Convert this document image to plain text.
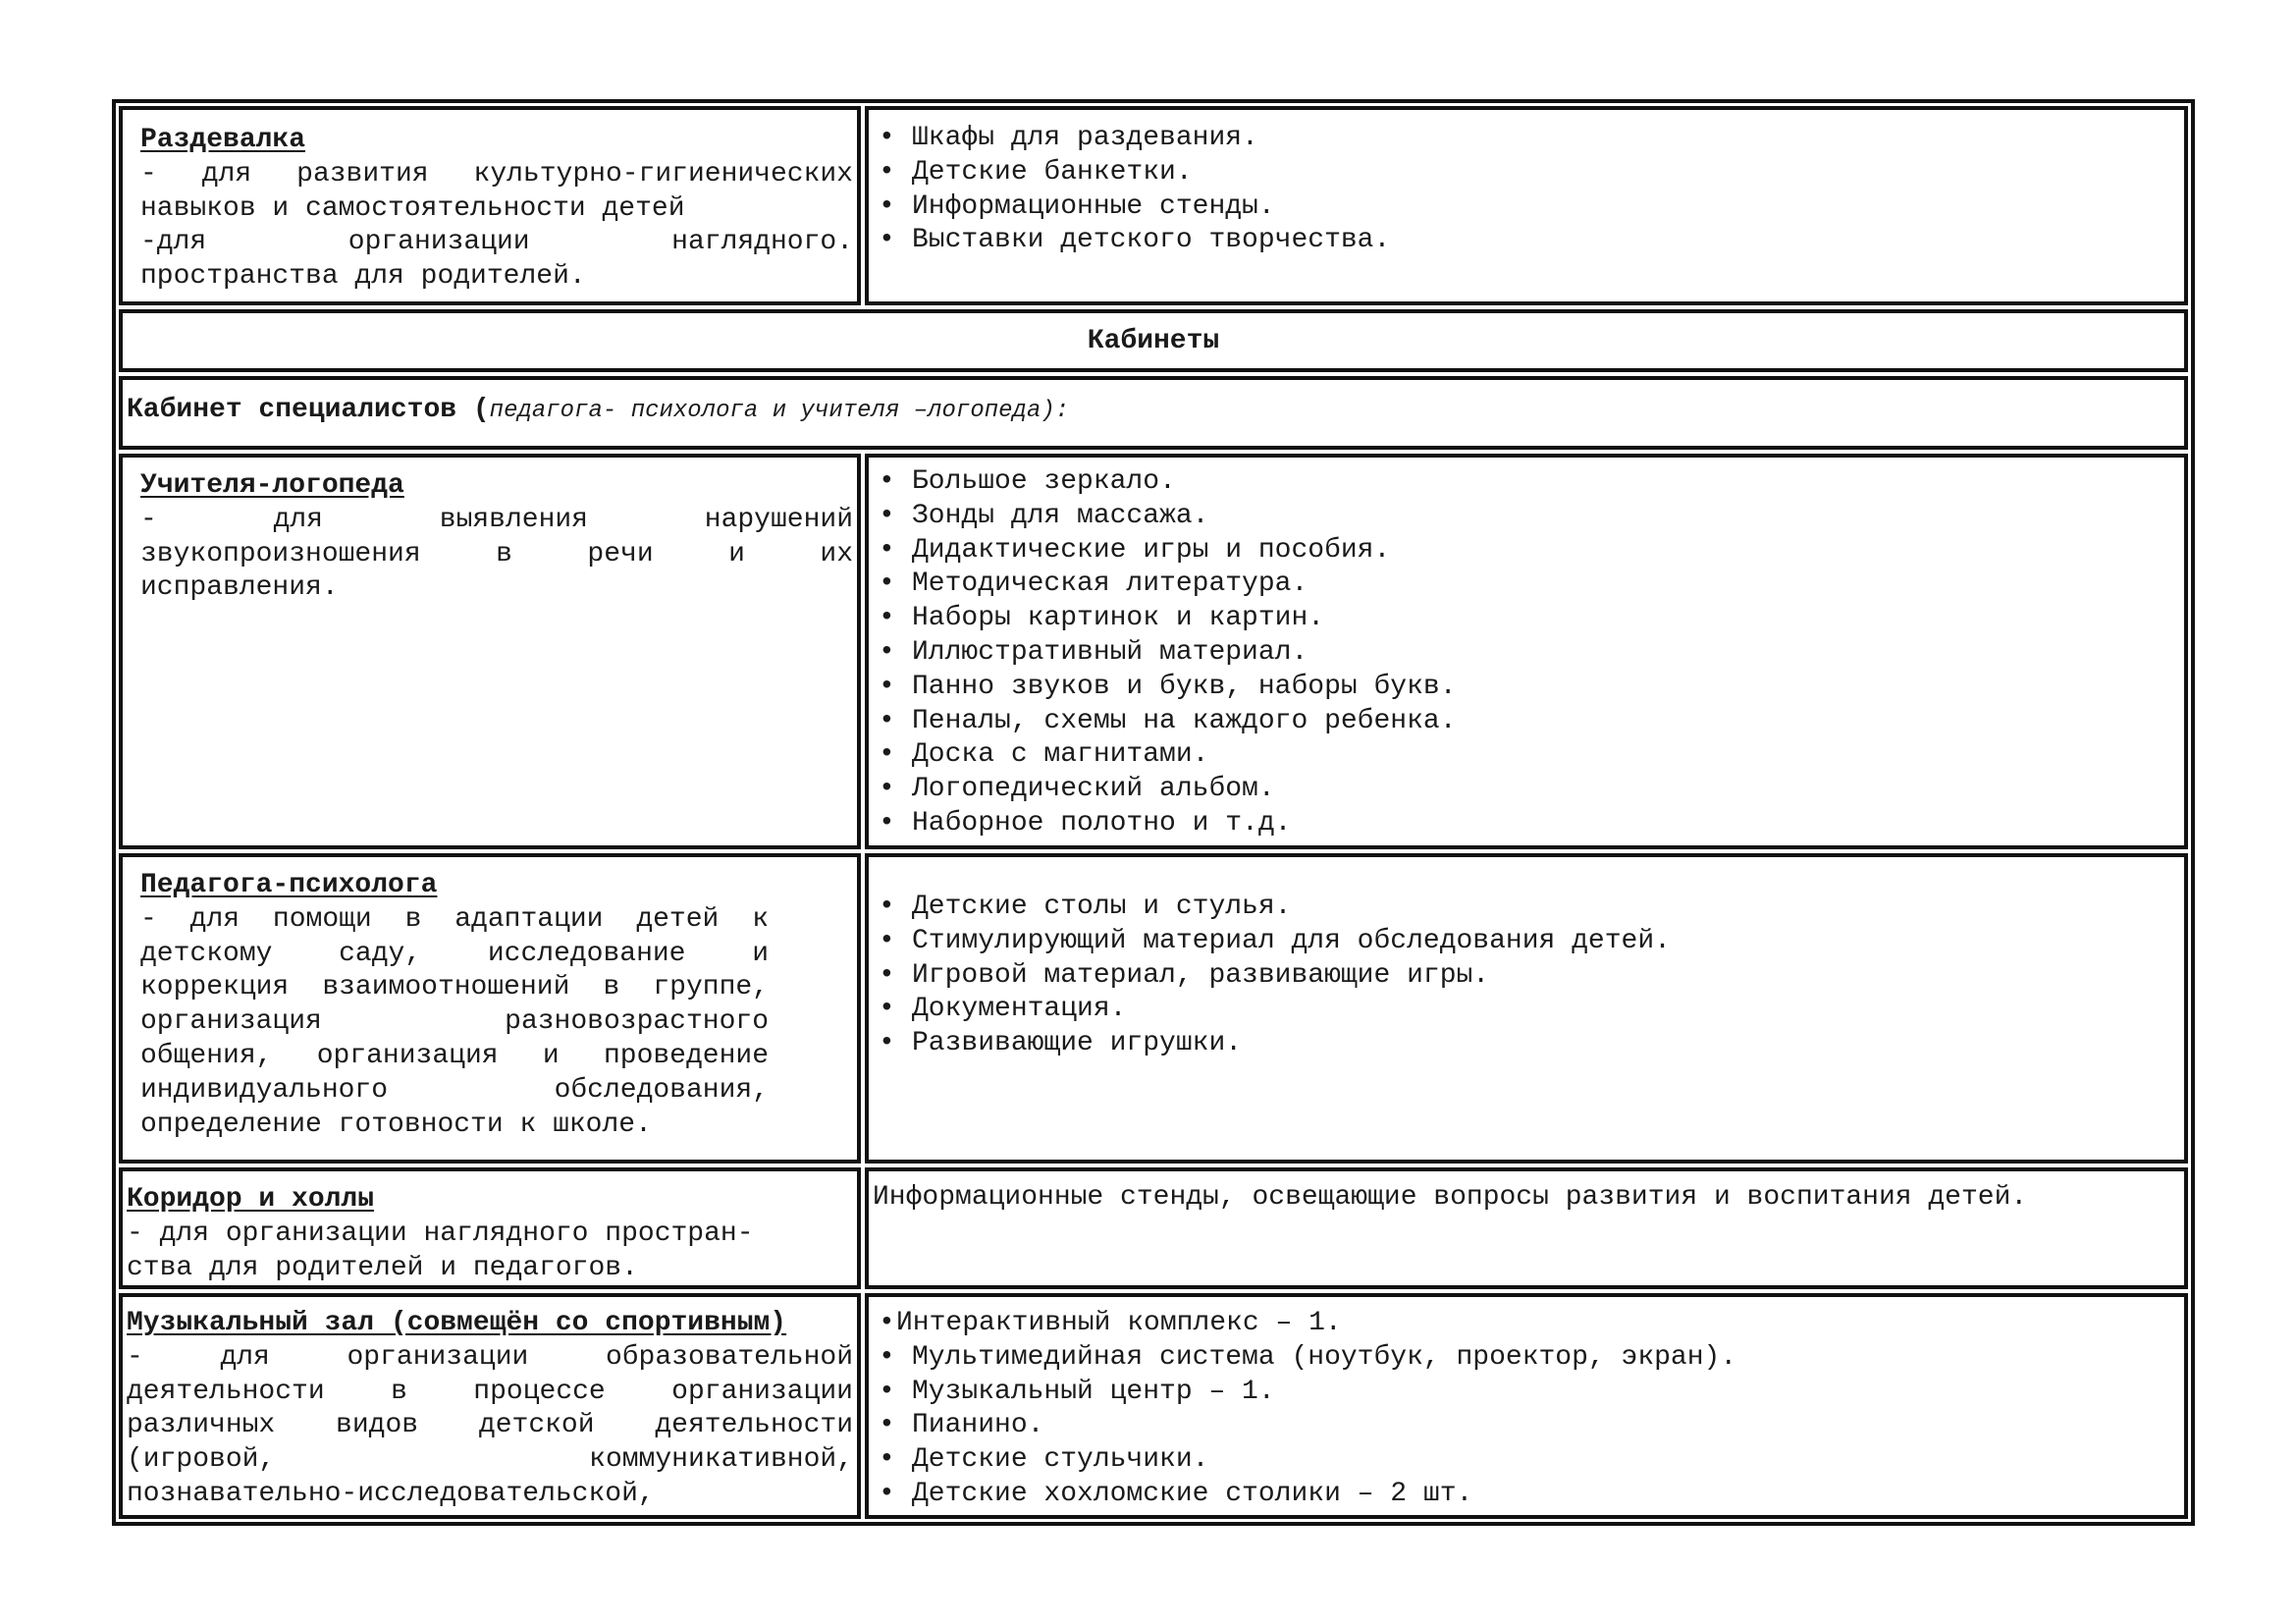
Раздевалка
- для развития культурно-гигиенических
навыков и самостоятельности детей
-для организации наглядного.
пространства для родителей.
• Шкафы для раздевания.
• Детские банкетки.
• Информационные стенды.
• Выставки детского творчества.
Кабинеты
Кабинет специалистов (педагога- психолога и учителя –логопеда):
Учителя-логопеда
- для выявления нарушений
звукопроизношения в речи и их
исправления.
• Большое зеркало.
• Зонды для массажа.
• Дидактические игры и пособия.
• Методическая литература.
• Наборы картинок и картин.
• Иллюстративный материал.
• Панно звуков и букв, наборы букв.
• Пеналы, схемы на каждого ребенка.
• Доска с магнитами.
• Логопедический альбом.
• Наборное полотно и т.д.
Педагога-психолога
- для помощи в адаптации детей к
детскому саду, исследование и
коррекция взаимоотношений в группе,
организация разновозрастного
общения, организация и проведение
индивидуального обследования,
определение готовности к школе.
• Детские столы и стулья.
• Стимулирующий материал для обследования детей.
• Игровой материал, развивающие игры.
• Документация.
• Развивающие игрушки.
Коридор и холлы
- для организации наглядного простран-
ства для родителей и педагогов.
Информационные стенды, освещающие вопросы развития и воспитания детей.
Музыкальный зал (совмещён со спортивным)
- для организации образовательной
деятельности в процессе организации
различных видов детской деятельности
(игровой, коммуникативной,
познавательно-исследовательской,
• Интерактивный комплекс – 1.
• Мультимедийная система (ноутбук, проектор, экран).
• Музыкальный центр – 1.
• Пианино.
• Детские стульчики.
• Детские хохломские столики – 2 шт.
